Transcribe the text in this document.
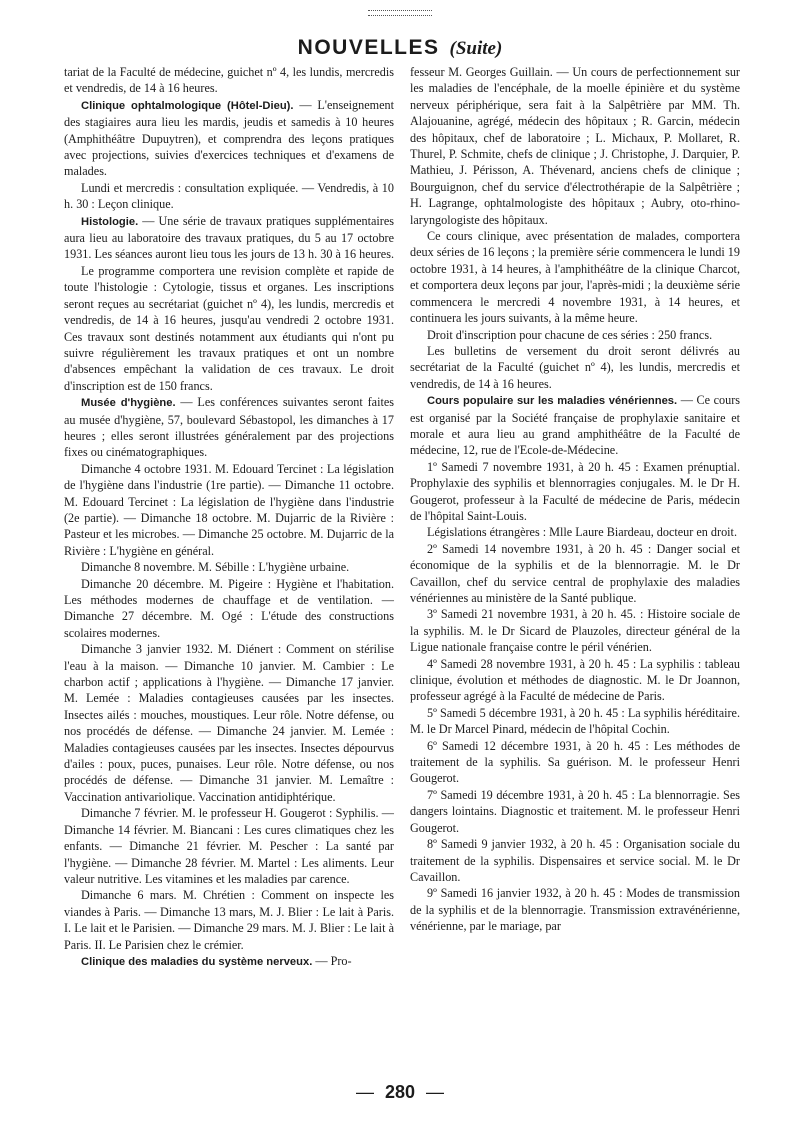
NOUVELLES (Suite)

tariat de la Faculté de médecine, guichet nº 4, les lundis, mercredis et vendredis, de 14 à 16 heures.

Clinique ophtalmologique (Hôtel-Dieu). — L'enseignement des stagiaires aura lieu les mardis, jeudis et samedis à 10 heures (Amphithéâtre Dupuytren), et comprendra des leçons pratiques avec projections, suivies d'exercices techniques et d'examens de malades.

Lundi et mercredis : consultation expliquée. — Vendredis, à 10 h. 30 : Leçon clinique.

Histologie. — Une série de travaux pratiques supplémentaires aura lieu au laboratoire des travaux pratiques, du 5 au 17 octobre 1931. Les séances auront lieu tous les jours de 13 h. 30 à 16 heures.

Le programme comportera une revision complète et rapide de toute l'histologie : Cytologie, tissus et organes. Les inscriptions seront reçues au secrétariat (guichet nº 4), les lundis, mercredis et vendredis, de 14 à 16 heures, jusqu'au vendredi 2 octobre 1931. Ces travaux sont destinés notamment aux étudiants qui n'ont pu suivre régulièrement les travaux pratiques et ont un nombre d'absences empêchant la validation de ces travaux. Le droit d'inscription est de 150 francs.

Musée d'hygiène. — Les conférences suivantes seront faites au musée d'hygiène, 57, boulevard Sébastopol, les dimanches à 17 heures ; elles seront illustrées généralement par des projections fixes ou cinématographiques.

Dimanche 4 octobre 1931. M. Edouard Tercinet : La législation de l'hygiène dans l'industrie (1re partie). — Dimanche 11 octobre. M. Edouard Tercinet : La législation de l'hygiène dans l'industrie (2e partie). — Dimanche 18 octobre. M. Dujarric de la Rivière : Pasteur et les microbes. — Dimanche 25 octobre. M. Dujarric de la Rivière : L'hygiène en général.

Dimanche 8 novembre. M. Sébille : L'hygiène urbaine.

Dimanche 20 décembre. M. Pigeire : Hygiène et l'habitation. Les méthodes modernes de chauffage et de ventilation. — Dimanche 27 décembre. M. Ogé : L'étude des constructions scolaires modernes.

Dimanche 3 janvier 1932. M. Diénert : Comment on stérilise l'eau à la maison. — Dimanche 10 janvier. M. Cambier : Le charbon actif ; applications à l'hygiène. — Dimanche 17 janvier. M. Lemée : Maladies contagieuses causées par les insectes. Insectes ailés : mouches, moustiques. Leur rôle. Notre défense, ou nos procédés de défense. — Dimanche 24 janvier. M. Lemée : Maladies contagieuses causées par les insectes. Insectes dépourvus d'ailes : poux, puces, punaises. Leur rôle. Notre défense, ou nos procédés de défense. — Dimanche 31 janvier. M. Lemaître : Vaccination antivariolique. Vaccination antidiphtérique.

Dimanche 7 février. M. le professeur H. Gougerot : Syphilis. — Dimanche 14 février. M. Biancani : Les cures climatiques chez les enfants. — Dimanche 21 février. M. Pescher : La santé par l'hygiène. — Dimanche 28 février. M. Martel : Les aliments. Leur valeur nutritive. Les vitamines et les maladies par carence.

Dimanche 6 mars. M. Chrétien : Comment on inspecte les viandes à Paris. — Dimanche 13 mars, M. J. Blier : Le lait à Paris. I. Le lait et le Parisien. — Dimanche 29 mars. M. J. Blier : Le lait à Paris. II. Le Parisien chez le crémier.

Clinique des maladies du système nerveux. — Pro-

fesseur M. Georges Guillain. — Un cours de perfectionnement sur les maladies de l'encéphale, de la moelle épinière et du système nerveux périphérique, sera fait à la Salpêtrière par MM. Th. Alajouanine, agrégé, médecin des hôpitaux ; R. Garcin, médecin des hôpitaux, chef de laboratoire ; L. Michaux, P. Mollaret, R. Thurel, P. Schmite, chefs de clinique ; J. Christophe, J. Darquier, P. Mathieu, J. Périsson, A. Thévenard, anciens chefs de clinique ; Bourguignon, chef du service d'électrothérapie de la Salpêtrière ; H. Lagrange, ophtalmologiste des hôpitaux ; Aubry, oto-rhino-laryngologiste des hôpitaux.

Ce cours clinique, avec présentation de malades, comportera deux séries de 16 leçons ; la première série commencera le lundi 19 octobre 1931, à 14 heures, à l'amphithéâtre de la clinique Charcot, et comportera deux leçons par jour, l'après-midi ; la deuxième série commencera le mercredi 4 novembre 1931, à 14 heures, et continuera les jours suivants, à la même heure.

Droit d'inscription pour chacune de ces séries : 250 francs.

Les bulletins de versement du droit seront délivrés au secrétariat de la Faculté (guichet nº 4), les lundis, mercredis et vendredis, de 14 à 16 heures.

Cours populaire sur les maladies vénériennes. — Ce cours est organisé par la Société française de prophylaxie sanitaire et morale et aura lieu au grand amphithéâtre de la Faculté de médecine, 12, rue de l'Ecole-de-Médecine.

1º Samedi 7 novembre 1931, à 20 h. 45 : Examen prénuptial. Prophylaxie des syphilis et blennorragies conjugales. M. le Dr H. Gougerot, professeur à la Faculté de médecine de Paris, médecin de l'hôpital Saint-Louis.

Législations étrangères : Mlle Laure Biardeau, docteur en droit.

2º Samedi 14 novembre 1931, à 20 h. 45 : Danger social et économique de la syphilis et de la blennorragie. M. le Dr Cavaillon, chef du service central de prophylaxie des maladies vénériennes au ministère de la Santé publique.

3º Samedi 21 novembre 1931, à 20 h. 45. : Histoire sociale de la syphilis. M. le Dr Sicard de Plauzoles, directeur général de la Ligue nationale française contre le péril vénérien.

4º Samedi 28 novembre 1931, à 20 h. 45 : La syphilis : tableau clinique, évolution et méthodes de diagnostic. M. le Dr Joannon, professeur agrégé à la Faculté de médecine de Paris.

5º Samedi 5 décembre 1931, à 20 h. 45 : La syphilis héréditaire. M. le Dr Marcel Pinard, médecin de l'hôpital Cochin.

6º Samedi 12 décembre 1931, à 20 h. 45 : Les méthodes de traitement de la syphilis. Sa guérison. M. le professeur Henri Gougerot.

7º Samedi 19 décembre 1931, à 20 h. 45 : La blennorragie. Ses dangers lointains. Diagnostic et traitement. M. le professeur Henri Gougerot.

8º Samedi 9 janvier 1932, à 20 h. 45 : Organisation sociale du traitement de la syphilis. Dispensaires et service social. M. le Dr Cavaillon.

9º Samedi 16 janvier 1932, à 20 h. 45 : Modes de transmission de la syphilis et de la blennorragie. Transmission extravénérienne, vénérienne, par le mariage, par

— 280 —
